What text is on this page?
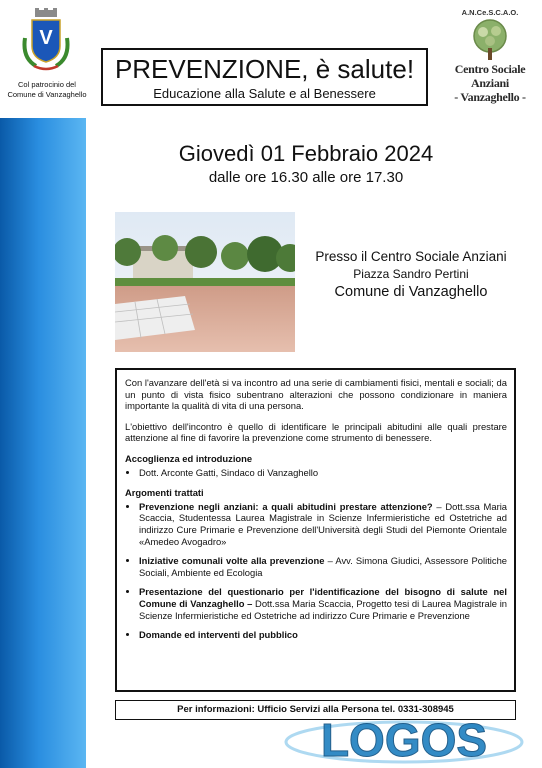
V
Col patrocinio del
Comune di Vanzaghello
A.N.Ce.S.C.A.O.
Centro Sociale Anziani
- Vanzaghello -
PREVENZIONE, è salute!
Educazione alla Salute e al Benessere
Giovedì 01 Febbraio 2024
dalle ore 16.30 alle ore 17.30
Presso il Centro Sociale Anziani
Piazza Sandro Pertini
Comune di Vanzaghello

Con l'avanzare dell'età si va incontro ad una serie di cambiamenti fisici, mentali e sociali; da un punto di vista fisico subentrano alterazioni che possono condizionare in maniera importante la qualità di vita di una persona.

L'obiettivo dell'incontro è quello di identificare le principali abitudini alle quali prestare attenzione al fine di favorire la prevenzione come strumento di benessere.

Accoglienza ed introduzione

• Dott. Arconte Gatti, Sindaco di Vanzaghello

Argomenti trattati

• Prevenzione negli anziani: a quali abitudini prestare attenzione? – Dott.ssa Maria Scaccia, Studentessa Laurea Magistrale in Scienze Infermieristiche ed Ostetriche ad indirizzo Cure Primarie e Prevenzione dell'Università degli Studi del Piemonte Orientale «Amedeo Avogadro»
• Iniziative comunali volte alla prevenzione – Avv. Simona Giudici, Assessore Politiche Sociali, Ambiente ed Ecologia
• Presentazione del questionario per l'identificazione del bisogno di salute nel Comune di Vanzaghello – Dott.ssa Maria Scaccia, Progetto tesi di Laurea Magistrale in Scienze Infermieristiche ed Ostetriche ad indirizzo Cure Primarie e Prevenzione
• Domande ed interventi del pubblico
Per informazioni: Ufficio Servizi alla Persona tel. 0331-308945
LOGOS
